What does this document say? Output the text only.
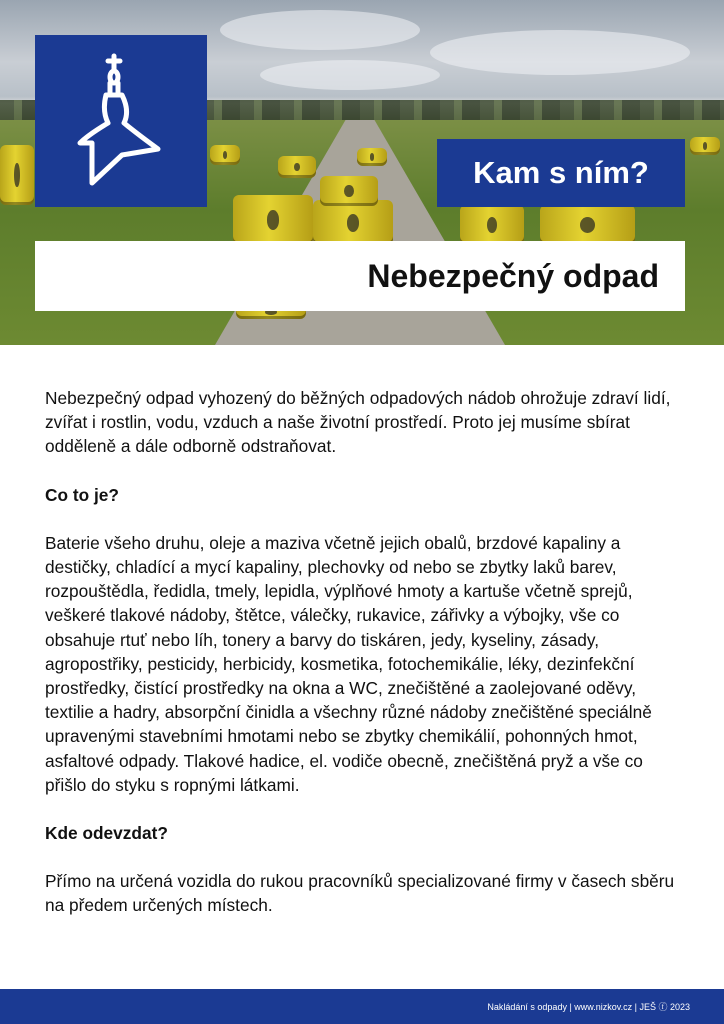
Kam s ním?
Nebezpečný odpad

Nebezpečný odpad vyhozený do běžných odpadových nádob ohrožuje zdraví lidí, zvířat i rostlin, vodu, vzduch a naše životní prostředí. Proto jej musíme sbírat odděleně a dále odborně odstraňovat.

Co to je?

Baterie všeho druhu, oleje a maziva včetně jejich obalů, brzdové kapaliny a destičky, chladící a mycí kapaliny, plechovky od nebo se zbytky laků barev, rozpouštědla, ředidla, tmely, lepidla, výplňové hmoty a kartuše včetně sprejů, veškeré tlakové nádoby, štětce, válečky, rukavice, zářivky a výbojky, vše co obsahuje rtuť nebo líh, tonery a barvy do tiskáren, jedy, kyseliny, zásady, agropostřiky, pesticidy, herbicidy, kosmetika, fotochemikálie, léky, dezinfekční prostředky, čistící prostředky na okna a WC, znečištěné a zaolejované oděvy, textilie a hadry, absorpční činidla a všechny různé nádoby znečištěné speciálně upravenými stavebními hmotami nebo se zbytky chemikálií, pohonných hmot, asfaltové odpady. Tlakové hadice, el. vodiče obecně, znečištěná pryž a vše co přišlo do styku s ropnými látkami.

Kde odevzdat?

Přímo na určená vozidla do rukou pracovníků specializované firmy v časech sběru na předem určených místech.

Nakládání s odpady | www.nizkov.cz | JEŠ ⓕ 2023
